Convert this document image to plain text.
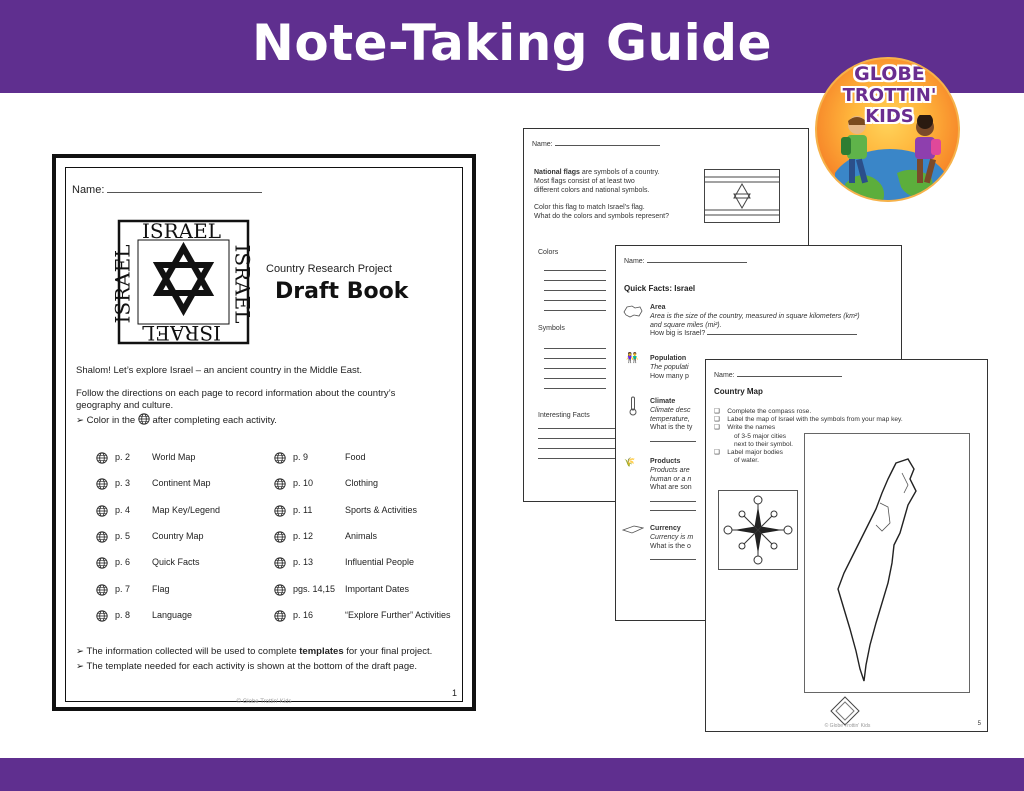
Note-Taking Guide
Name:
National flags are symbols of a country.
Most flags consist of at least two
different colors and national symbols.

Color this flag to match Israel’s flag.
What do the colors and symbols represent?
Colors
Symbols
Interesting Facts
Name:
Quick Facts: Israel
Area
Area is the size of the country, measured in square kilometers (km²)
and square miles (mi²).
How big is Israel?
👫 Population
The populati
How many p
Climate
Climate desc
temperature,
What is the ty
🌾 Products
Products are
human or a n
What are son
Currency
Currency is m
What is the o
Name:
Country Map
❑ Complete the compass rose.
❑ Label the map of Israel with the symbols from your map key.
❑ Write the names
of 3-5 major cities
next to their symbol.
❑ Label major bodies
of water.
5
© Globe Trottin' Kids
Name:
ISRAEL
ISRAEL
ISRAEL	ISRAEL Country Research Project
Draft Book
Shalom! Let’s explore Israel – an ancient country in the Middle East.
Follow the directions on each page to record information about the country’s
geography and culture.
➢ Color in the after completing each activity.
p. 2 World Map
p. 3 Continent Map
p. 4 Map Key/Legend
p. 5 Country Map
p. 6 Quick Facts
p. 7 Flag
p. 8 Language
p. 9	Food
p. 10	Clothing
p. 11	Sports & Activities
p. 12	Animals
p. 13	Influential People
pgs. 14,15 Important Dates
p. 16	“Explore Further” Activities
➢ The information collected will be used to complete templates for your final project.
➢ The template needed for each activity is shown at the bottom of the draft page.
1
© Globe Trottin' Kids
GLOBE
TROTTIN'
KIDS
